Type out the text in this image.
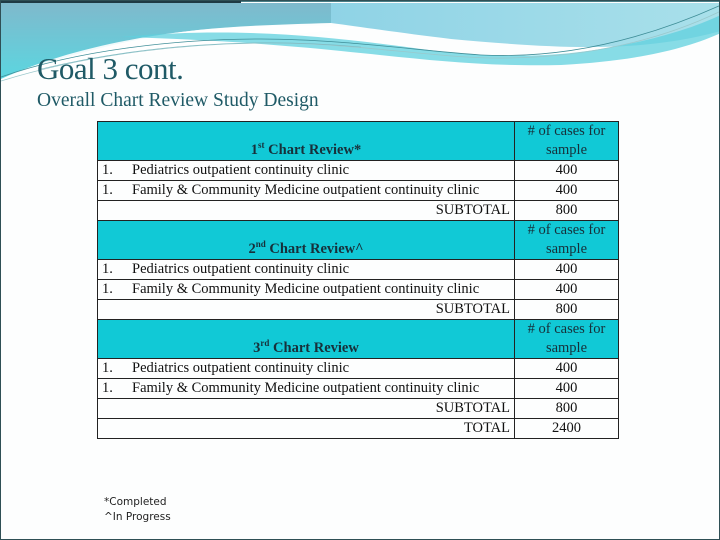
Goal 3 cont.
Overall Chart Review Study Design
1st Chart Review*	# of cases for sample

1. Pediatrics outpatient continuity clinic	400

1. Family & Community Medicine outpatient continuity clinic	400
SUBTOTAL	800
2nd Chart Review^	# of cases for sample

1. Pediatrics outpatient continuity clinic	400

1. Family & Community Medicine outpatient continuity clinic	400
SUBTOTAL	800
3rd Chart Review	# of cases for sample

1. Pediatrics outpatient continuity clinic	400

1. Family & Community Medicine outpatient continuity clinic	400
SUBTOTAL	800
TOTAL	2400
*Completed
^In Progress
